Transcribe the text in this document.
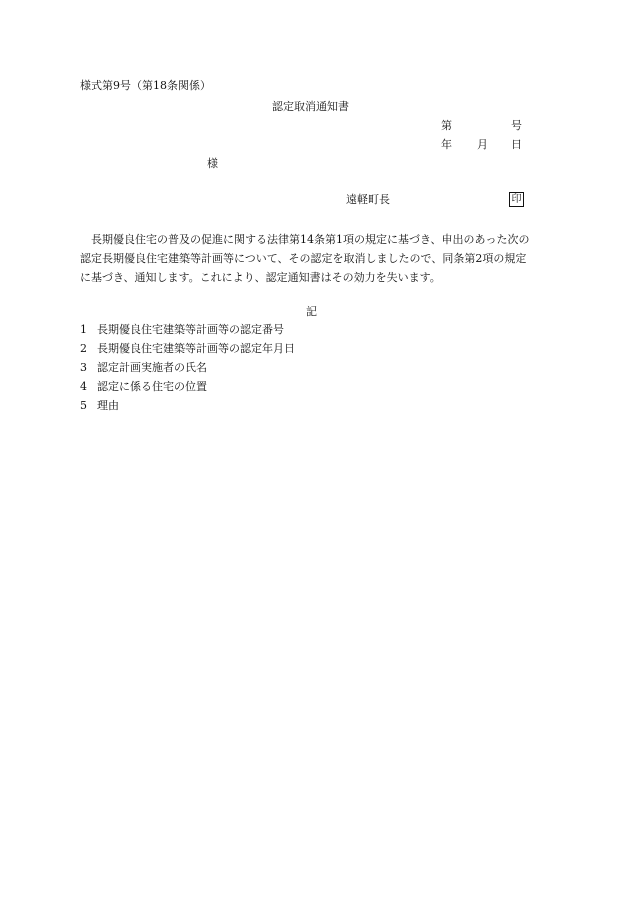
様式第9号（第18条関係）
認定取消通知書
第	号
年 月 日
様
遠軽町長	印
　長期優良住宅の普及の促進に関する法律第14条第1項の規定に基づき、申出のあった次の
認定長期優良住宅建築等計画等について、その認定を取消しましたので、同条第2項の規定
に基づき、通知します。これにより、認定通知書はその効力を失います。
記
1 長期優良住宅建築等計画等の認定番号
2 長期優良住宅建築等計画等の認定年月日
3 認定計画実施者の氏名
4 認定に係る住宅の位置
5 理由
